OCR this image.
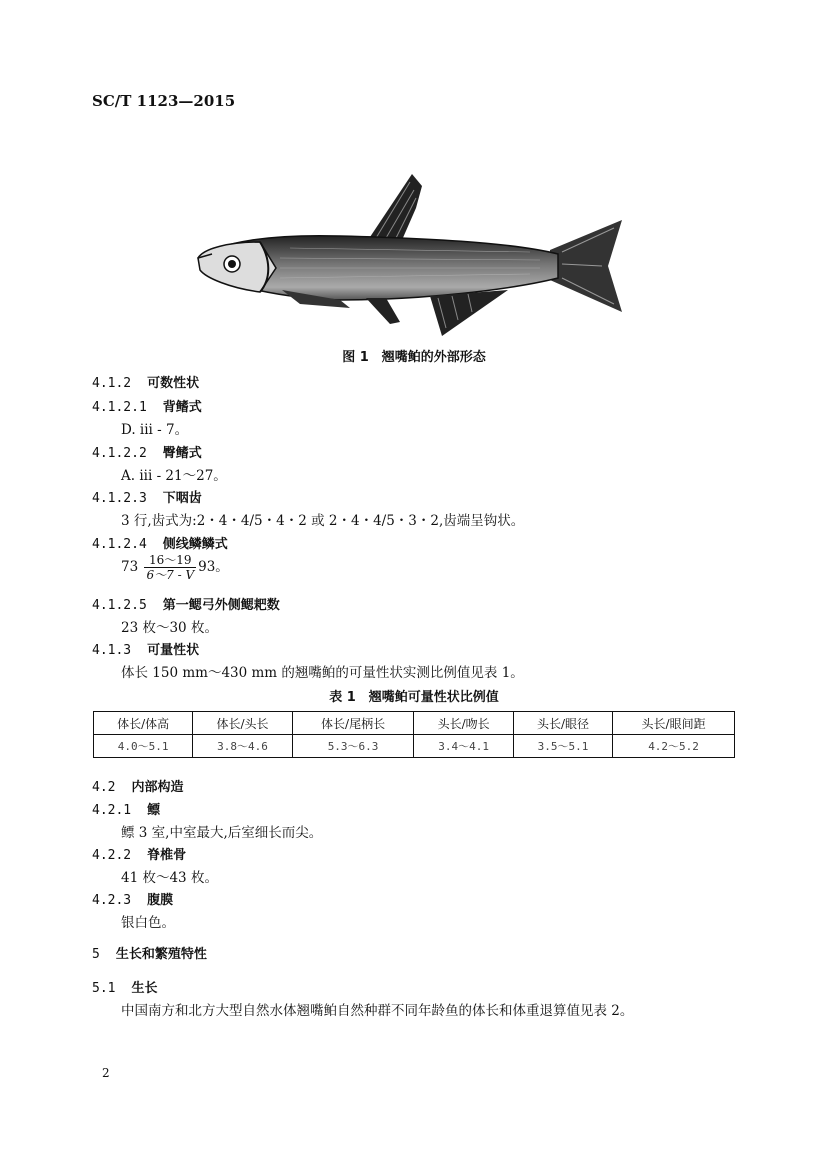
SC/T 1123—2015
图 1　翘嘴鲌的外部形态
4.1.2 可数性状
4.1.2.1 背鳍式
D. iii - 7。
4.1.2.2 臀鳍式
A. iii - 21～27。
4.1.2.3 下咽齿
3 行,齿式为:2・4・4/5・4・2 或 2・4・4/5・3・2,齿端呈钩状。
4.1.2.4 侧线鳞鳞式
$73 \frac{16\sim 19}{6\sim 7 - V} 93$。
4.1.2.5 第一鳃弓外侧鳃耙数
23 枚～30 枚。
4.1.3 可量性状
体长 150 mm～430 mm 的翘嘴鲌的可量性状实测比例值见表 1。
表 1　翘嘴鲌可量性状比例值
体长/体高	体长/头长	体长/尾柄长	头长/吻长	头长/眼径	头长/眼间距
4.0～5.1	3.8～4.6	5.3～6.3	3.4～4.1	3.5～5.1	4.2～5.2
4.2 内部构造
4.2.1 鳔
鳔 3 室,中室最大,后室细长而尖。
4.2.2 脊椎骨
41 枚～43 枚。
4.2.3 腹膜
银白色。
5 生长和繁殖特性
5.1 生长
中国南方和北方大型自然水体翘嘴鲌自然种群不同年龄鱼的体长和体重退算值见表 2。
2
